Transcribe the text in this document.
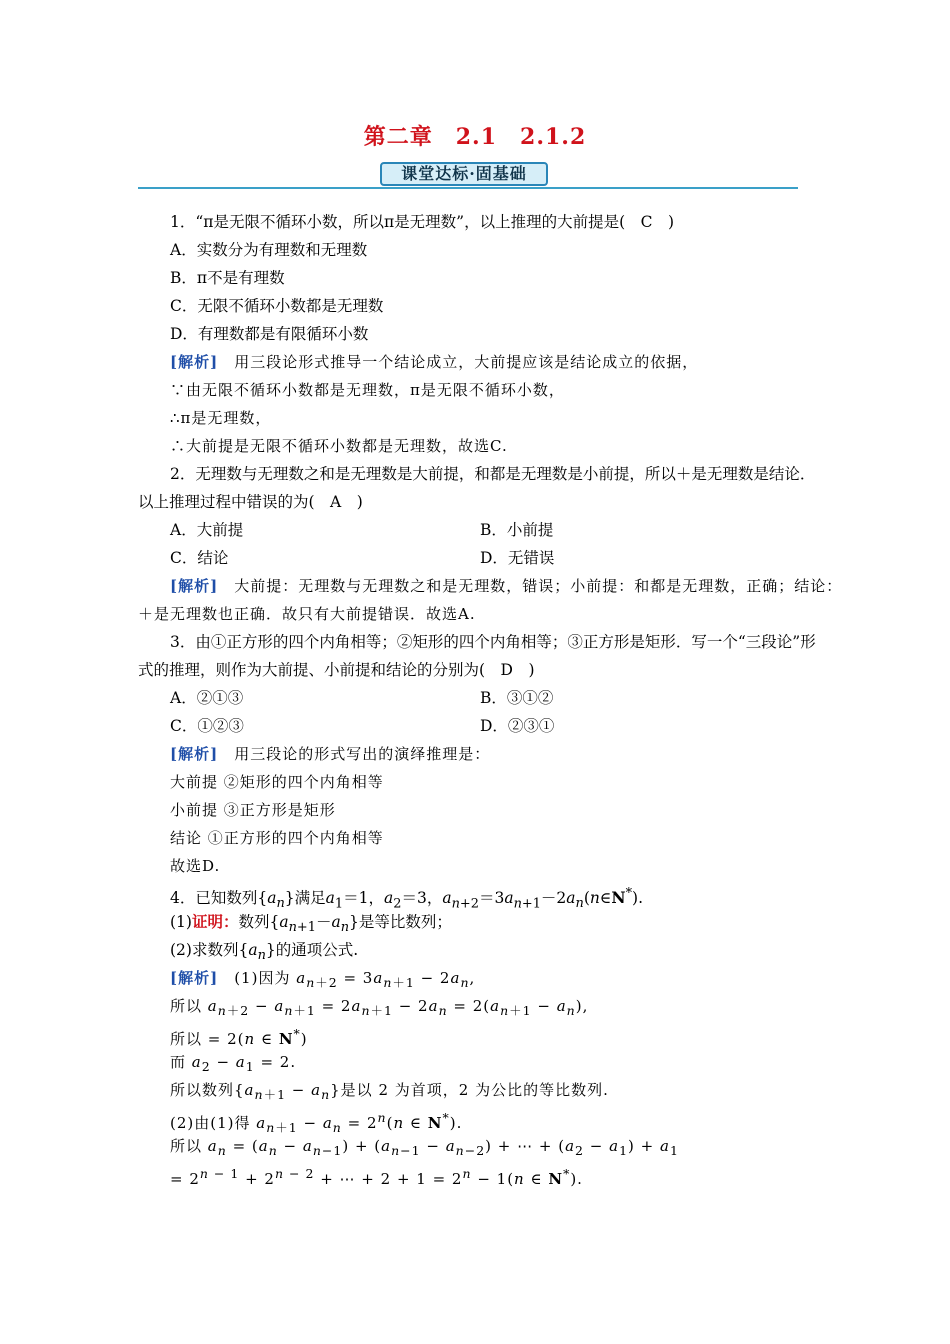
第二章　2.1　2.1.2
课堂达标·固基础
1．“π是无限不循环小数，所以π是无理数”，以上推理的大前提是(　C　)
A．实数分为有理数和无理数
B．π不是有理数
C．无限不循环小数都是无理数
D．有理数都是有限循环小数
[解析]　 用三段论形式推导一个结论成立，大前提应该是结论成立的依据，
∵由无限不循环小数都是无理数，π是无限不循环小数，
∴π是无理数，
∴大前提是无限不循环小数都是无理数，故选C.
2．无理数与无理数之和是无理数是大前提，和都是无理数是小前提，所以＋是无理数是结论．以上推理过程中错误的为(　A　)
A．大前提	B．小前提
C．结论	D．无错误
[解析]　 大前提：无理数与无理数之和是无理数，错误；小前提：和都是无理数，正确；结论：
＋是无理数也正确．故只有大前提错误．故选A.
3．由①正方形的四个内角相等；②矩形的四个内角相等；③正方形是矩形．写一个“三段论”形式的推理，则作为大前提、小前提和结论的分别为(　D　)
A．②①③	B．③①②
C．①②③	D．②③①
[解析]　 用三段论的形式写出的演绎推理是：
大前提 ②矩形的四个内角相等
小前提 ③正方形是矩形
结论 ①正方形的四个内角相等
故选D.
4．已知数列$\{a_n\}$满足$a_1=1$，$a_2=3$，$a_{n+2}=3a_{n+1}-2a_n(n\in N^*)$.
(1)证明：数列$\{a_{n+1}-a_n\}$是等比数列；
(2)求数列$\{a_n\}$的通项公式.
[解析]　(1)因为 $a_{n+2} = 3a_{n+1} - 2a_n$,
所以 $a_{n+2} - a_{n+1} = 2a_{n+1} - 2a_n = 2(a_{n+1} - a_n)$,
所以 = 2(n ∈ N*)
而 $a_2 - a_1 = 2$.
所以数列$\{a_{n+1} - a_n\}$是以 2 为首项，2 为公比的等比数列.
(2)由(1)得 $a_{n+1} - a_n = 2^n(n$ ∈ N*).
所以 $a_n = (a_n - a_{n-1}) + (a_{n-1} - a_{n-2})$ + ⋯ + $(a_2 - a_1) + a_1$
= $2^{n - 1} + 2^{n - 2}$ + ⋯ + $2 + 1 = 2^n - 1(n$ ∈ N*).
